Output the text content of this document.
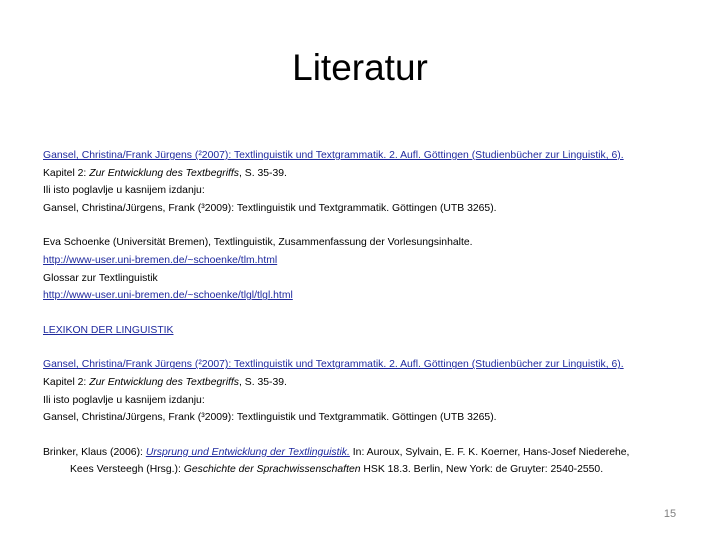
Literatur
Gansel, Christina/Frank Jürgens (²2007): Textlinguistik und Textgrammatik. 2. Aufl. Göttingen (Studienbücher zur Linguistik, 6).
Kapitel 2: Zur Entwicklung des Textbegriffs, S. 35-39.
Ili isto poglavlje u kasnijem izdanju:
Gansel, Christina/Jürgens, Frank (³2009): Textlinguistik und Textgrammatik. Göttingen (UTB 3265).
Eva Schoenke (Universität Bremen), Textlinguistik, Zusammenfassung der Vorlesungsinhalte.
http://www-user.uni-bremen.de/~schoenke/tlm.html
Glossar zur Textlinguistik
http://www-user.uni-bremen.de/~schoenke/tlgl/tlgl.html
LEXIKON DER LINGUISTIK
Gansel, Christina/Frank Jürgens (²2007): Textlinguistik und Textgrammatik. 2. Aufl. Göttingen (Studienbücher zur Linguistik, 6).
Kapitel 2: Zur Entwicklung des Textbegriffs, S. 35-39.
Ili isto poglavlje u kasnijem izdanju:
Gansel, Christina/Jürgens, Frank (³2009): Textlinguistik und Textgrammatik. Göttingen (UTB 3265).
Brinker, Klaus (2006): Ursprung und Entwicklung der Textlinguistik. In: Auroux, Sylvain, E. F. K. Koerner, Hans-Josef Niederehe,
Kees Versteegh (Hrsg.): Geschichte der Sprachwissenschaften HSK 18.3. Berlin, New York: de Gruyter: 2540-2550.
15
